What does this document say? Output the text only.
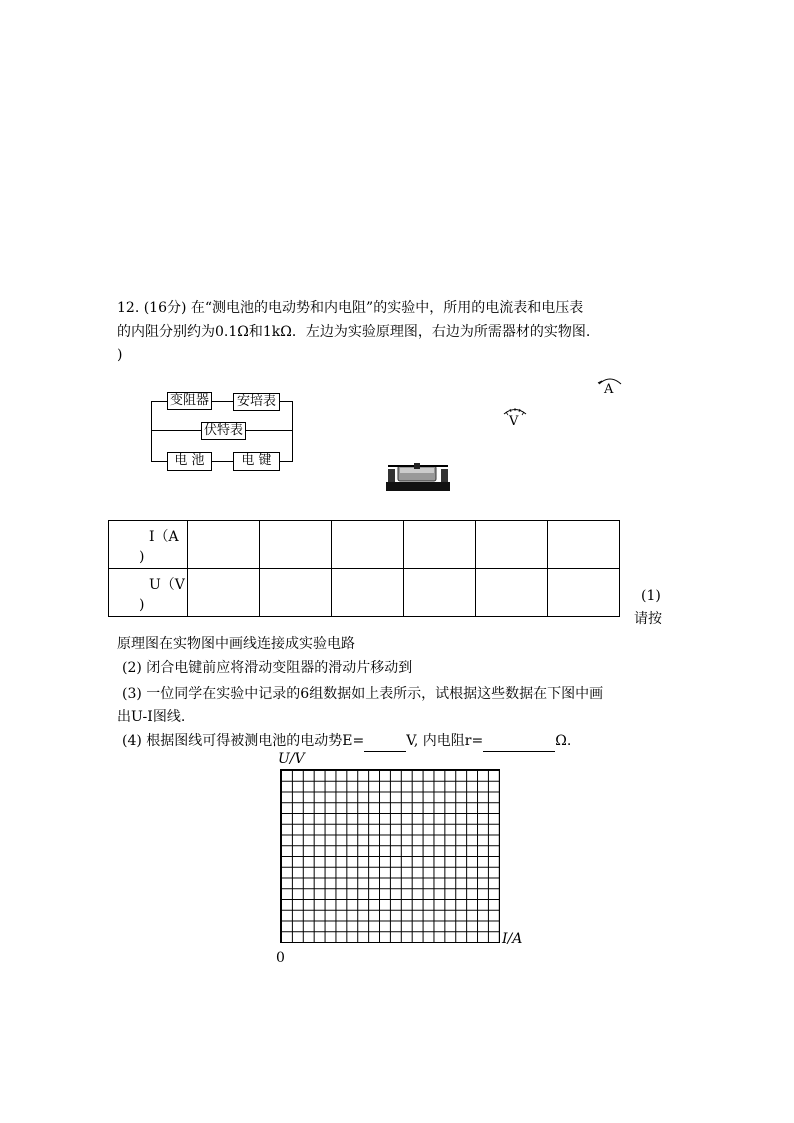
12. (16分) 在“测电池的电动势和内电阻”的实验中，所用的电流表和电压表
的内阻分别约为0.1Ω和1kΩ．左边为实验原理图，右边为所需器材的实物图.
)
变阻器	安培表
伏特表
电 池	电 键
A
V
I（A
)						

U（V
)						

(1)
请按
原理图在实物图中画线连接成实验电路
(2) 闭合电键前应将滑动变阻器的滑动片移动到
(3) 一位同学在实验中记录的6组数据如上表所示，试根据这些数据在下图中画
出U-I图线.
(4) 根据图线可得被测电池的电动势E=	V, 内电阻r=	Ω.
U/V
I/A
0
